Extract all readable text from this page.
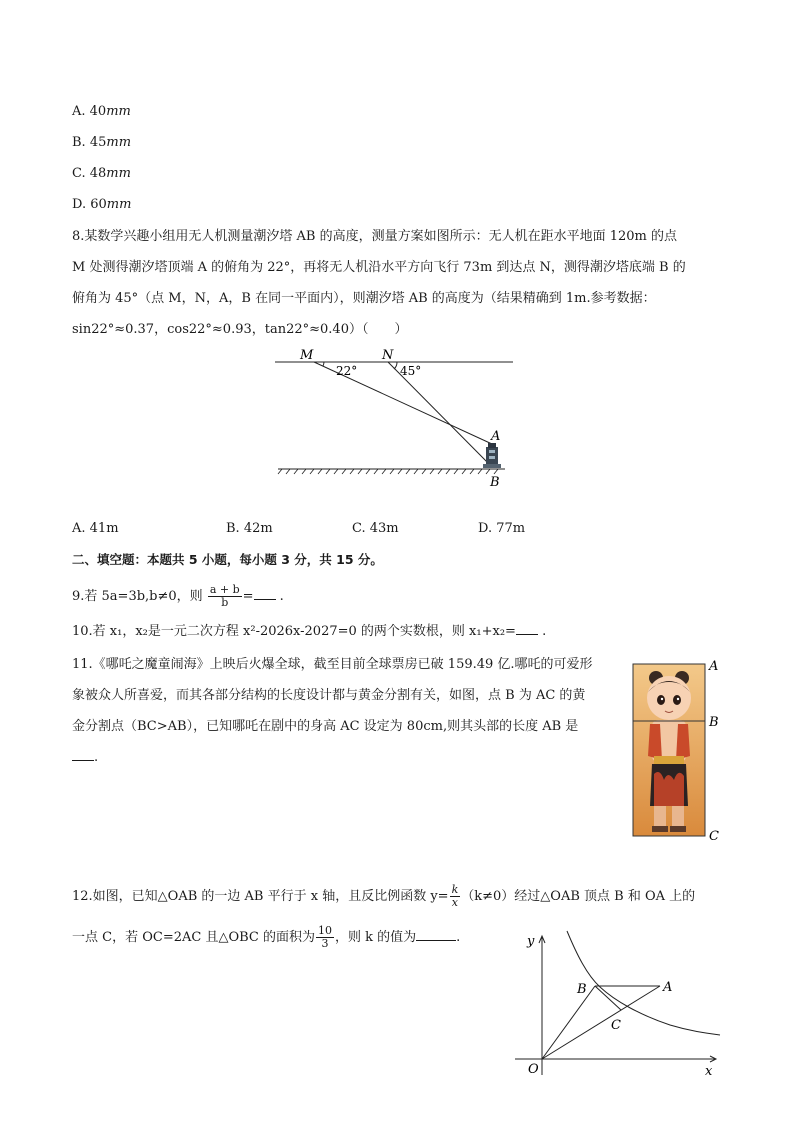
A. 40mm
B. 45mm
C. 48mm
D. 60mm
8.某数学兴趣小组用无人机测量潮汐塔 AB 的高度，测量方案如图所示：无人机在距水平地面 120m 的点
M 处测得潮汐塔顶端 A 的俯角为 22°，再将无人机沿水平方向飞行 73m 到达点 N，测得潮汐塔底端 B 的
俯角为 45°（点 M，N，A，B 在同一平面内），则潮汐塔 AB 的高度为（结果精确到 1m.参考数据：
sin22°≈0.37，cos22°≈0.93，tan22°≈0.40）（　　）
M	N
22°	45°
A
B
A. 41m	B. 42m	C. 43m	D. 77m
二、填空题：本题共 5 小题，每小题 3 分，共 15 分。
9.若 5a=3b,b≠0，则 $\frac{a + b}{b}$ = .
10.若 x₁，x₂是一元二次方程 x²-2026x-2027=0 的两个实数根，则 x₁+x₂= .
11.《哪吒之魔童闹海》上映后火爆全球，截至目前全球票房已破 159.49 亿.哪吒的可爱形
象被众人所喜爱，而其各部分结构的长度设计都与黄金分割有关，如图，点 B 为 AC 的黄
金分割点（BC>AB），已知哪吒在剧中的身高 AC 设定为 80cm,则其头部的长度 AB 是
.
A
B
C
12.如图，已知△OAB 的一边 AB 平行于 x 轴，且反比例函数 $y= \frac{k}{x} (k\ne 0)$经过△OAB 顶点 B 和 OA 上的
一点 C，若 OC=2AC 且△OBC 的面积为 $\frac{10}{3}$ ，则 k 的值为	.	y
x
O
B	A
C
